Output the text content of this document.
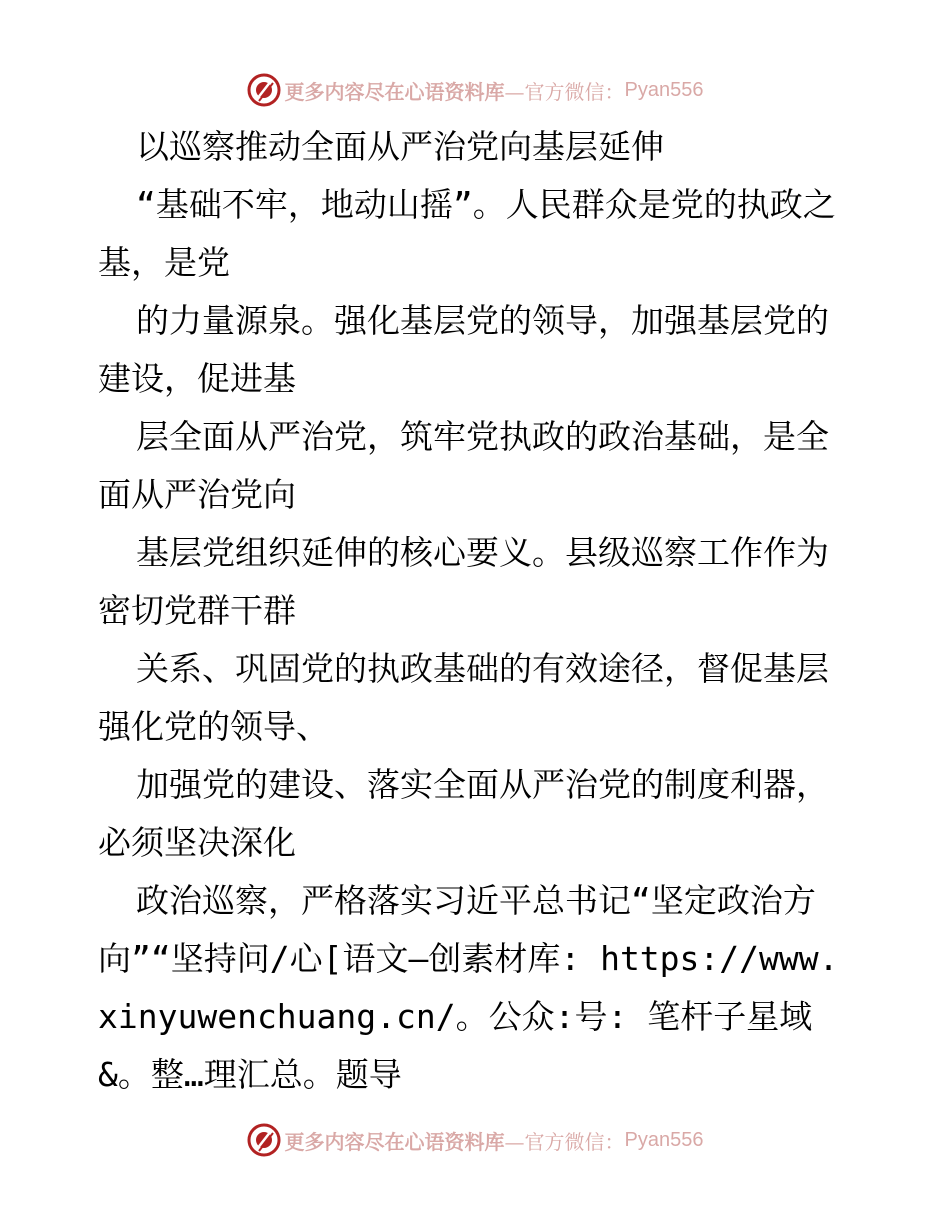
更多内容尽在心语资料库 —官方微信： Pyan556

以巡察推动全面从严治党向基层延伸

“基础不牢，地动山摇”。人民群众是党的执政之基，是党

的力量源泉。强化基层党的领导，加强基层党的建设，促进基

层全面从严治党，筑牢党执政的政治基础，是全面从严治党向

基层党组织延伸的核心要义。县级巡察工作作为密切党群干群

关系、巩固党的执政基础的有效途径，督促基层强化党的领导、

加强党的建设、落实全面从严治党的制度利器，必须坚决深化

政治巡察，严格落实习近平总书记“坚定政治方向”“坚持问/心[语文—创素材库: https://www.xinyuwenchuang.cn/。公众:号: 笔杆子星域&。整…理汇总。题导

更多内容尽在心语资料库 —官方微信： Pyan556
